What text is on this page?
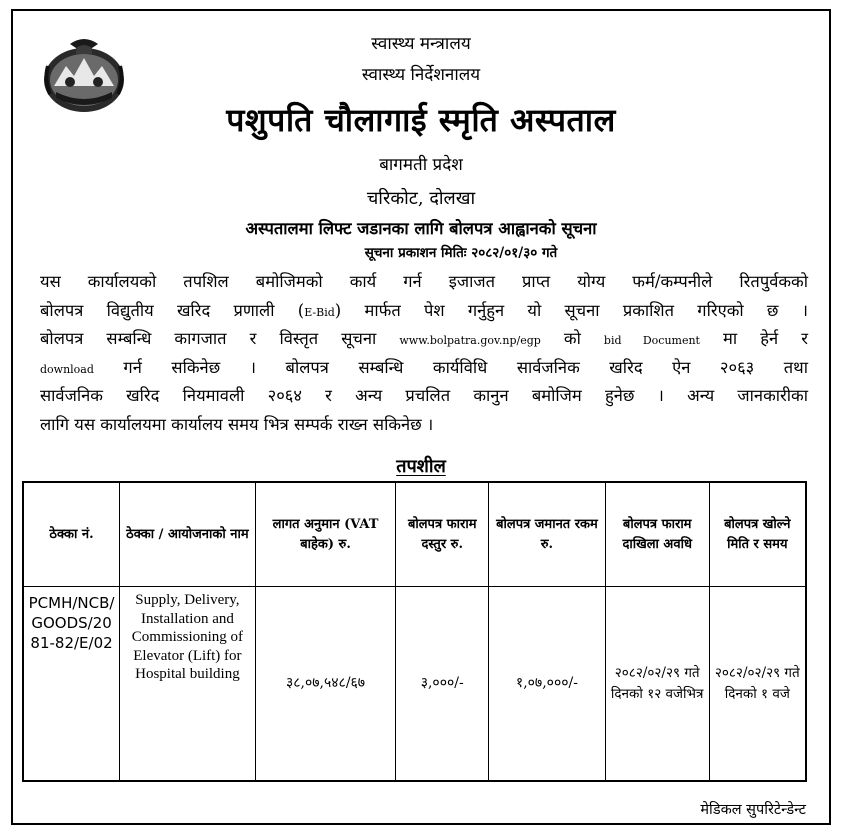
स्वास्थ्य मन्त्रालय
स्वास्थ्य निर्देशनालय
पशुपति चौलागाई स्मृति अस्पताल
बागमती प्रदेश
चरिकोट, दोलखा
अस्पतालमा लिफ्ट जडानका लागि बोलपत्र आह्वानको सूचना
सूचना प्रकाशन मितिः २०८२/०१/३० गते
यस कार्यालयको तपशिल बमोजिमको कार्य गर्न इजाजत प्राप्त योग्य फर्म/कम्पनीले रितपुर्वकको
बोलपत्र विद्युतीय खरिद प्रणाली (E-Bid) मार्फत पेश गर्नुहुन यो सूचना प्रकाशित गरिएको छ ।
बोलपत्र सम्बन्धि कागजात र विस्तृत सूचना www.bolpatra.gov.np/egp को bid Document मा हेर्न र
download गर्न सकिनेछ । बोलपत्र सम्बन्धि कार्यविधि सार्वजनिक खरिद ऐन २०६३ तथा
सार्वजनिक खरिद नियमावली २०६४ र अन्य प्रचलित कानुन बमोजिम हुनेछ । अन्य जानकारीका
लागि यस कार्यालयमा कार्यालय समय भित्र सम्पर्क राख्न सकिनेछ ।
तपशील
ठेक्का नं.	ठेक्का / आयोजनाको नाम	लागत अनुमान (VAT बाहेक) रु.	बोलपत्र फाराम दस्तुर रु.	बोलपत्र जमानत रकम रु.	बोलपत्र फाराम दाखिला अवधि	बोलपत्र खोल्ने मिति र समय
PCMH/NCB/GOODS/2081-82/E/02	Supply, Delivery, Installation and Commissioning of Elevator (Lift) for Hospital building	३८,०७,५४८/६७	३,०००/-	१,०७,०००/-	२०८२/०२/२९ गते दिनको १२ वजेभित्र	२०८२/०२/२९ गते दिनको १ वजे
मेडिकल सुपरिटेन्डेन्ट
